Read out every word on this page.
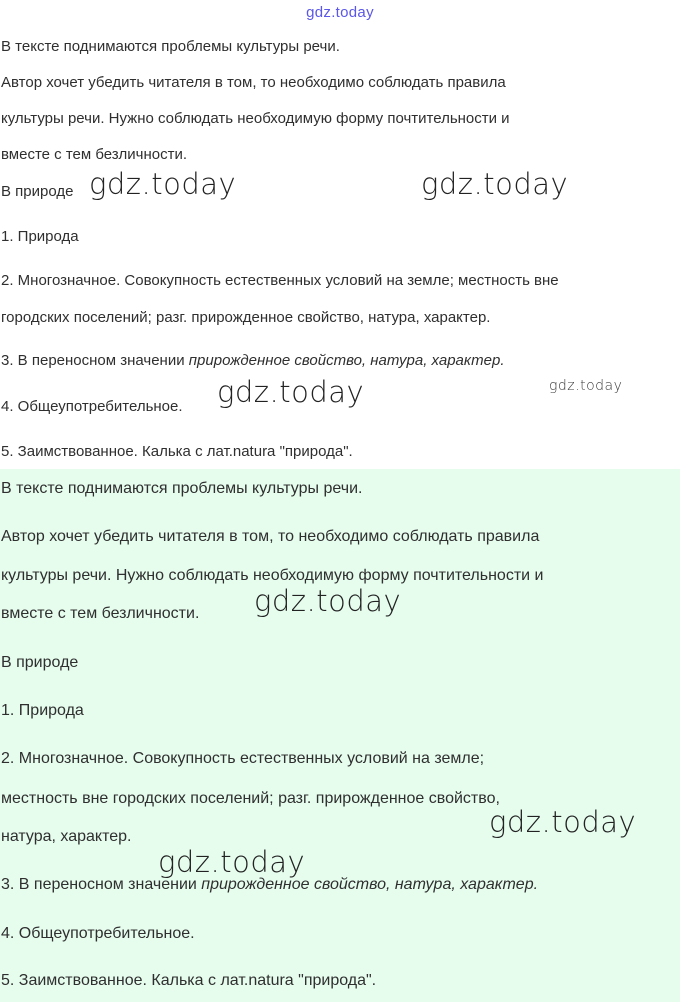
gdz.today
В тексте поднимаются проблемы культуры речи.
Автор хочет убедить читателя в том, то необходимо соблюдать правила
культуры речи. Нужно соблюдать необходимую форму почтительности и
вместе с тем безличности.
В природе
1. Природа
2. Многозначное. Совокупность естественных условий на земле; местность вне
городских поселений; разг. прирожденное свойство, натура, характер.
3. В переносном значении прирожденное свойство, натура, характер.
4. Общеупотребительное.
5. Заимствованное. Калька с лат.natura "природа".
В тексте поднимаются проблемы культуры речи.
Автор хочет убедить читателя в том, то необходимо соблюдать правила
культуры речи. Нужно соблюдать необходимую форму почтительности и
вместе с тем безличности.
В природе
1. Природа
2. Многозначное. Совокупность естественных условий на земле;
местность вне городских поселений; разг. прирожденное свойство,
натура, характер.
3. В переносном значении прирожденное свойство, натура, характер.
4. Общеупотребительное.
5. Заимствованное. Калька с лат.natura "природа".
gdz.today	gdz.today
gdz.today	gdz.today
gdz.today
gdz.today
gdz.today
